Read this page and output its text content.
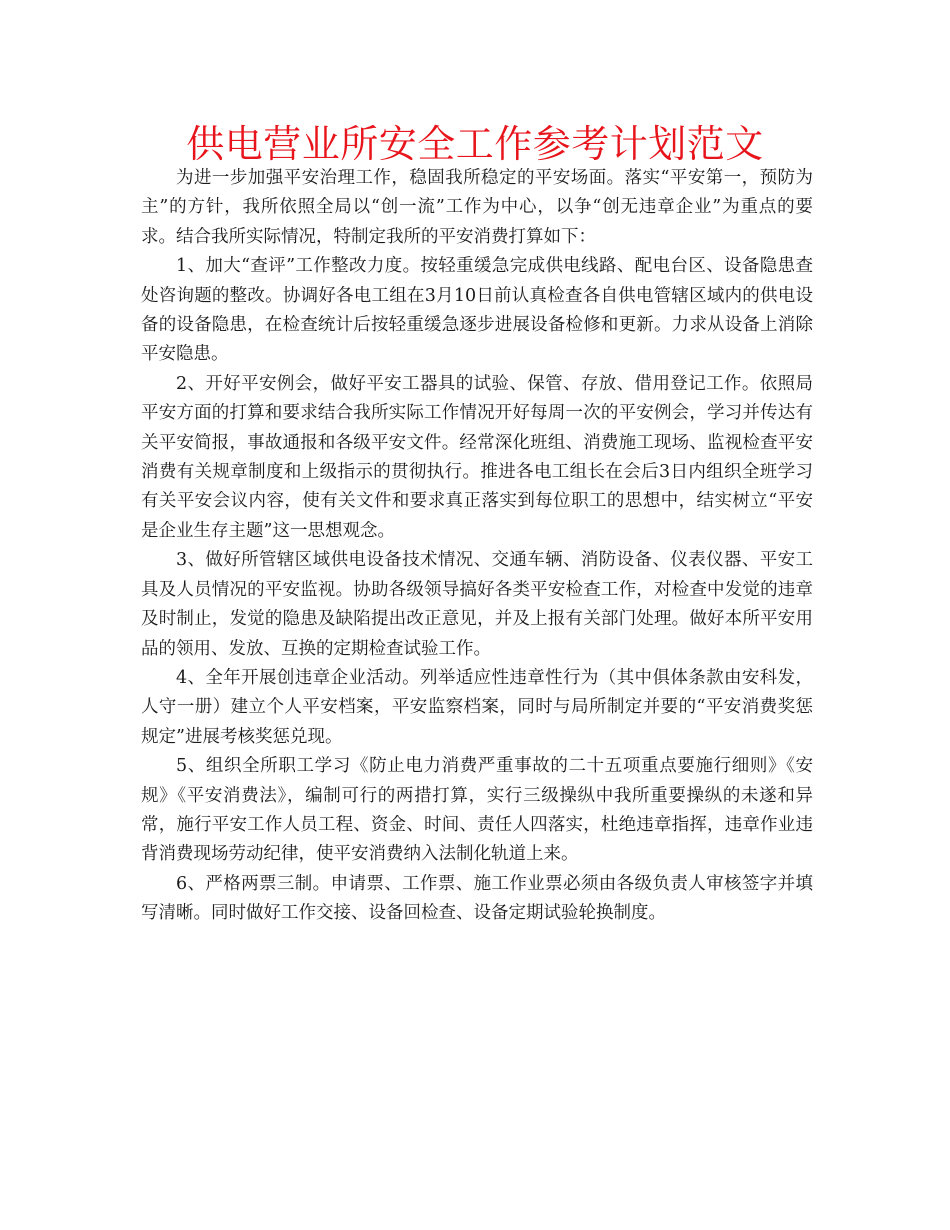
供电营业所安全工作参考计划范文

为进一步加强平安治理工作，稳固我所稳定的平安场面。落实“平安第一，预防为主”的方针，我所依照全局以“创一流”工作为中心，以争“创无违章企业”为重点的要求。结合我所实际情况，特制定我所的平安消费打算如下：

1、加大“查评”工作整改力度。按轻重缓急完成供电线路、配电台区、设备隐患查处咨询题的整改。协调好各电工组在3月10日前认真检查各自供电管辖区域内的供电设备的设备隐患，在检查统计后按轻重缓急逐步进展设备检修和更新。力求从设备上消除平安隐患。

2、开好平安例会，做好平安工器具的试验、保管、存放、借用登记工作。依照局平安方面的打算和要求结合我所实际工作情况开好每周一次的平安例会，学习并传达有关平安简报，事故通报和各级平安文件。经常深化班组、消费施工现场、监视检查平安消费有关规章制度和上级指示的贯彻执行。推进各电工组长在会后3日内组织全班学习有关平安会议内容，使有关文件和要求真正落实到每位职工的思想中，结实树立“平安是企业生存主题”这一思想观念。

3、做好所管辖区域供电设备技术情况、交通车辆、消防设备、仪表仪器、平安工具及人员情况的平安监视。协助各级领导搞好各类平安检查工作，对检查中发觉的违章及时制止，发觉的隐患及缺陷提出改正意见，并及上报有关部门处理。做好本所平安用品的领用、发放、互换的定期检查试验工作。

4、全年开展创违章企业活动。列举适应性违章性行为（其中俱体条款由安科发，人守一册）建立个人平安档案，平安监察档案，同时与局所制定并要的“平安消费奖惩规定”进展考核奖惩兑现。

5、组织全所职工学习《防止电力消费严重事故的二十五项重点要施行细则》《安规》《平安消费法》，编制可行的两措打算，实行三级操纵中我所重要操纵的未遂和异常，施行平安工作人员工程、资金、时间、责任人四落实，杜绝违章指挥，违章作业违背消费现场劳动纪律，使平安消费纳入法制化轨道上来。

6、严格两票三制。申请票、工作票、施工作业票必须由各级负责人审核签字并填写清晰。同时做好工作交接、设备回检查、设备定期试验轮换制度。
